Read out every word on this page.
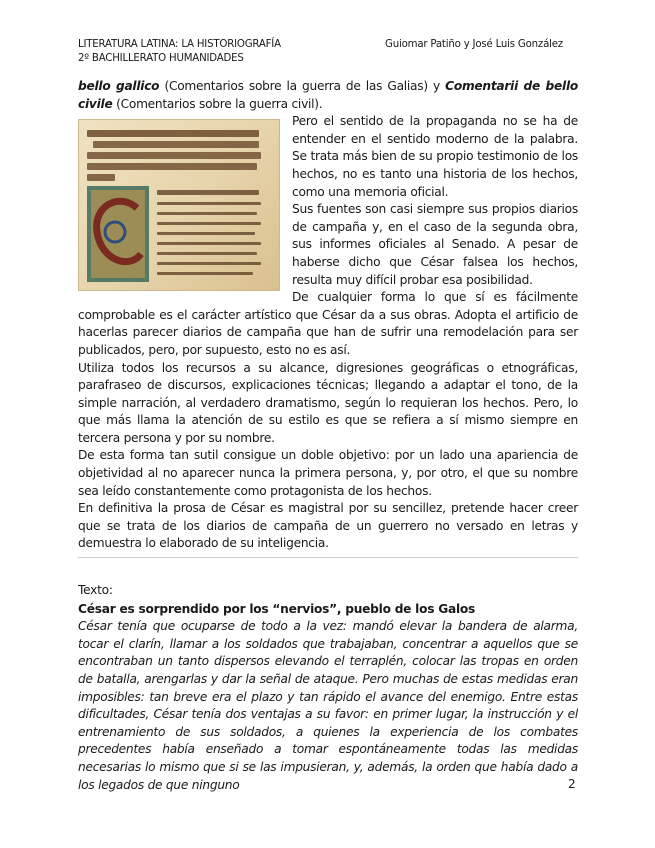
LITERATURA LATINA: LA HISTORIOGRAFÍA
2º BACHILLERATO HUMANIDADES
Guiomar Patiño y José Luis González

bello gallico (Comentarios sobre la guerra de las Galias) y Comentarii de bello civile (Comentarios sobre la guerra civil).

Pero el sentido de la propaganda no se ha de entender en el sentido moderno de la palabra. Se trata más bien de su propio testimonio de los hechos, no es tanto una historia de los hechos, como una memoria oficial.

Sus fuentes son casi siempre sus propios diarios de campaña y, en el caso de la segunda obra, sus informes oficiales al Senado. A pesar de haberse dicho que César falsea los hechos, resulta muy difícil probar esa posibilidad.

De cualquier forma lo que sí es fácilmente comprobable es el carácter artístico que César da a sus obras. Adopta el artificio de hacerlas parecer diarios de campaña que han de sufrir una remodelación para ser publicados, pero, por supuesto, esto no es así.

Utiliza todos los recursos a su alcance, digresiones geográficas o etnográficas, parafraseo de discursos, explicaciones técnicas; llegando a adaptar el tono, de la simple narración, al verdadero dramatismo, según lo requieran los hechos. Pero, lo que más llama la atención de su estilo es que se refiera a sí mismo siempre en tercera persona y por su nombre.

De esta forma tan sutil consigue un doble objetivo: por un lado una apariencia de objetividad al no aparecer nunca la primera persona, y, por otro, el que su nombre sea leído constantemente como protagonista de los hechos.

En definitiva la prosa de César es magistral por su sencillez, pretende hacer creer que se trata de los diarios de campaña de un guerrero no versado en letras y demuestra lo elaborado de su inteligencia.

Texto:

César es sorprendido por los “nervios”, pueblo de los Galos

César tenía que ocuparse de todo a la vez: mandó elevar la bandera de alarma, tocar el clarín, llamar a los soldados que trabajaban, concentrar a aquellos que se encontraban un tanto dispersos elevando el terraplén, colocar las tropas en orden de batalla, arengarlas y dar la señal de ataque. Pero muchas de estas medidas eran imposibles: tan breve era el plazo y tan rápido el avance del enemigo. Entre estas dificultades, César tenía dos ventajas a su favor: en primer lugar, la instrucción y el entrenamiento de sus soldados, a quienes la experiencia de los combates precedentes había enseñado a tomar espontáneamente todas las medidas necesarias lo mismo que si se las impusieran, y, además, la orden que había dado a los legados de que ninguno	2
